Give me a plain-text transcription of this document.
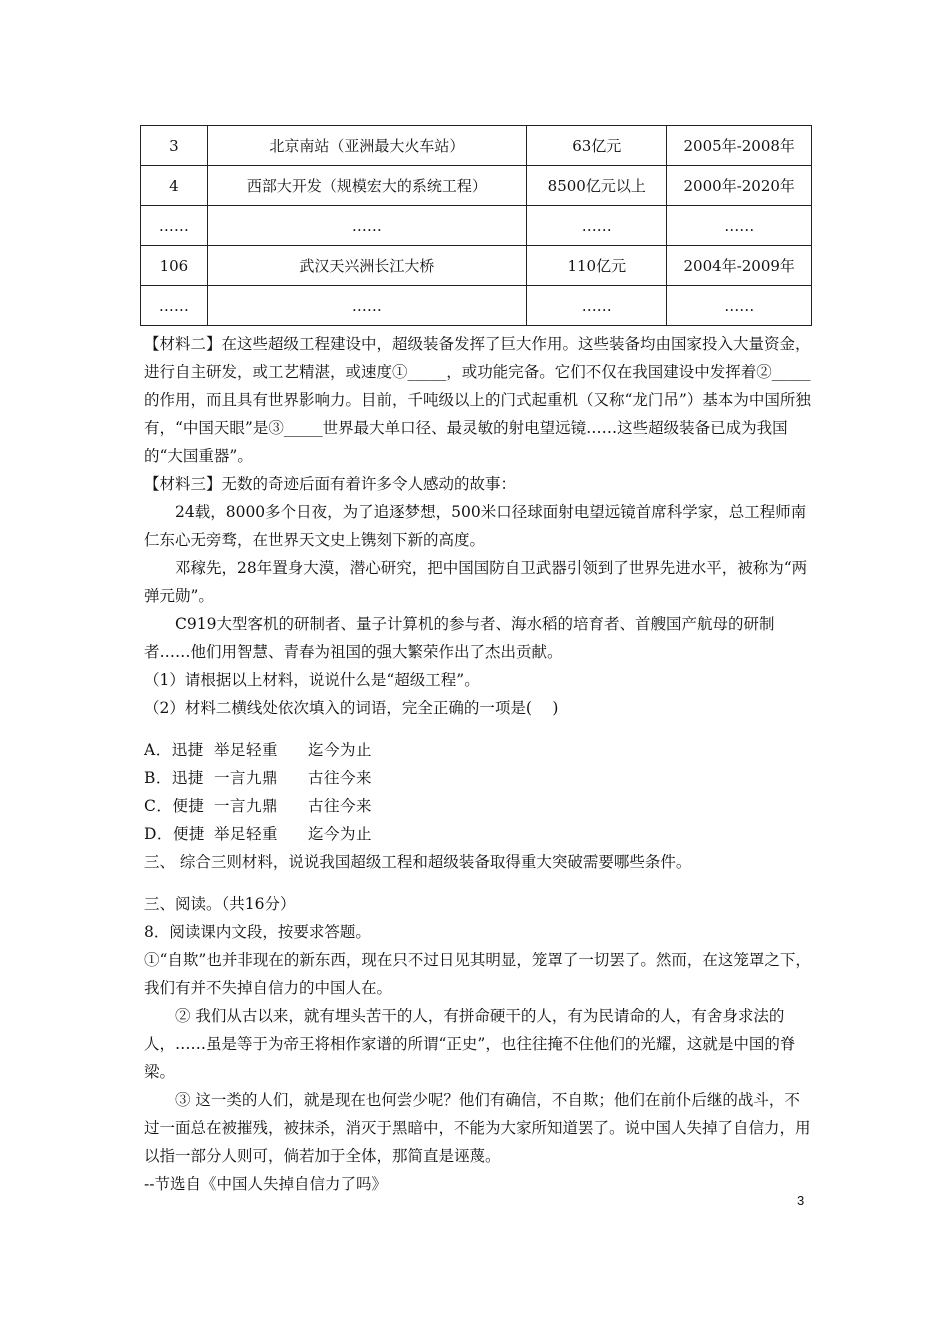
3	北京南站（亚洲最大火车站）	63亿元	2005年-2008年
4	西部大开发（规模宏大的系统工程）	8500亿元以上	2000年-2020年
……	……	……	……
106	武汉天兴洲长江大桥	110亿元	2004年-2009年
……	……	……	……

【材料二】在这些超级工程建设中，超级装备发挥了巨大作用。这些装备均由国家投入大量资金，进行自主研发，或工艺精湛，或速度①_____，或功能完备。它们不仅在我国建设中发挥着②_____的作用，而且具有世界影响力。目前，千吨级以上的门式起重机（又称“龙门吊”）基本为中国所独有，“中国天眼”是③_____世界最大单口径、最灵敏的射电望远镜……这些超级装备已成为我国的“大国重器”。

【材料三】无数的奇迹后面有着许多令人感动的故事：

24载，8000多个日夜，为了追逐梦想，500米口径球面射电望远镜首席科学家，总工程师南仁东心无旁骛，在世界天文史上镌刻下新的高度。

邓稼先，28年置身大漠，潜心研究，把中国国防自卫武器引领到了世界先进水平，被称为“两弹元勋”。

C919大型客机的研制者、量子计算机的参与者、海水稻的培育者、首艘国产航母的研制者……他们用智慧、青春为祖国的强大繁荣作出了杰出贡献。

（1）请根据以上材料，说说什么是“超级工程”。

（2）材料二横线处依次填入的词语，完全正确的一项是(　 )

A．迅捷 举足轻重 迄今为止

B．迅捷 一言九鼎 古往今来

C．便捷 一言九鼎 古往今来

D．便捷 举足轻重 迄今为止

三、 综合三则材料，说说我国超级工程和超级装备取得重大突破需要哪些条件。

三、阅读。（共16分）

8．阅读课内文段，按要求答题。

①“自欺”也并非现在的新东西，现在只不过日见其明显，笼罩了一切罢了。然而，在这笼罩之下，我们有并不失掉自信力的中国人在。

② 我们从古以来，就有埋头苦干的人，有拼命硬干的人，有为民请命的人，有舍身求法的人，……虽是等于为帝王将相作家谱的所谓“正史”，也往往掩不住他们的光耀，这就是中国的脊梁。

③ 这一类的人们，就是现在也何尝少呢？他们有确信，不自欺；他们在前仆后继的战斗，不过一面总在被摧残，被抹杀，消灭于黑暗中，不能为大家所知道罢了。说中国人失掉了自信力，用以指一部分人则可，倘若加于全体，那简直是诬蔑。

--节选自《中国人失掉自信力了吗》

3
